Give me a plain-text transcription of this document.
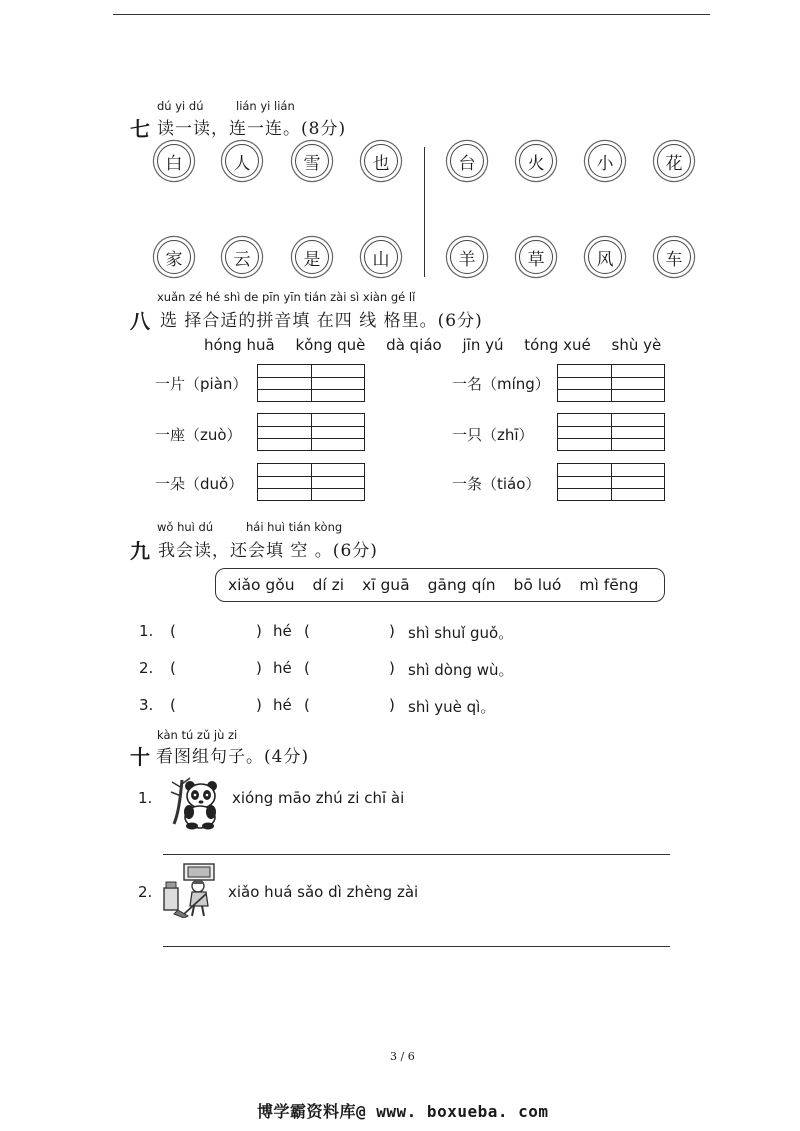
dú yi dú	lián yi lián
七 读一读，连一连。(8分)
白	人	雪	也	台	火	小	花
家	云	是	山	羊	草	风	车
xuǎn zé hé shì de pīn yīn tián zài sì xiàn gé lǐ
八 选 择合适的拼音填 在四 线 格里。(6分)
hóng huā kǒng què dà qiáo jīn yú tóng xué shù yè
一片（piàn）	一名（míng）
一座（zuò）	一只（zhī）
一朵（duǒ）	一条（tiáo）
wǒ huì dú	hái huì tián kòng
九 我会读，还会填 空 。(6分)
xiǎo gǒu dí zi xī guā gāng qín bō luó mì fēng
1. (	) hé (	) shì shuǐ guǒ。
2. (	) hé (	) shì dòng wù。
3. (	) hé (	) shì yuè qì。
kàn tú zǔ jù zi
十 看图组句子。(4分)
1.	xióng māo zhú zi chī ài
2.	xiǎo huá sǎo dì zhèng zài
3 / 6
博学霸资料库@ www. boxueba. com
